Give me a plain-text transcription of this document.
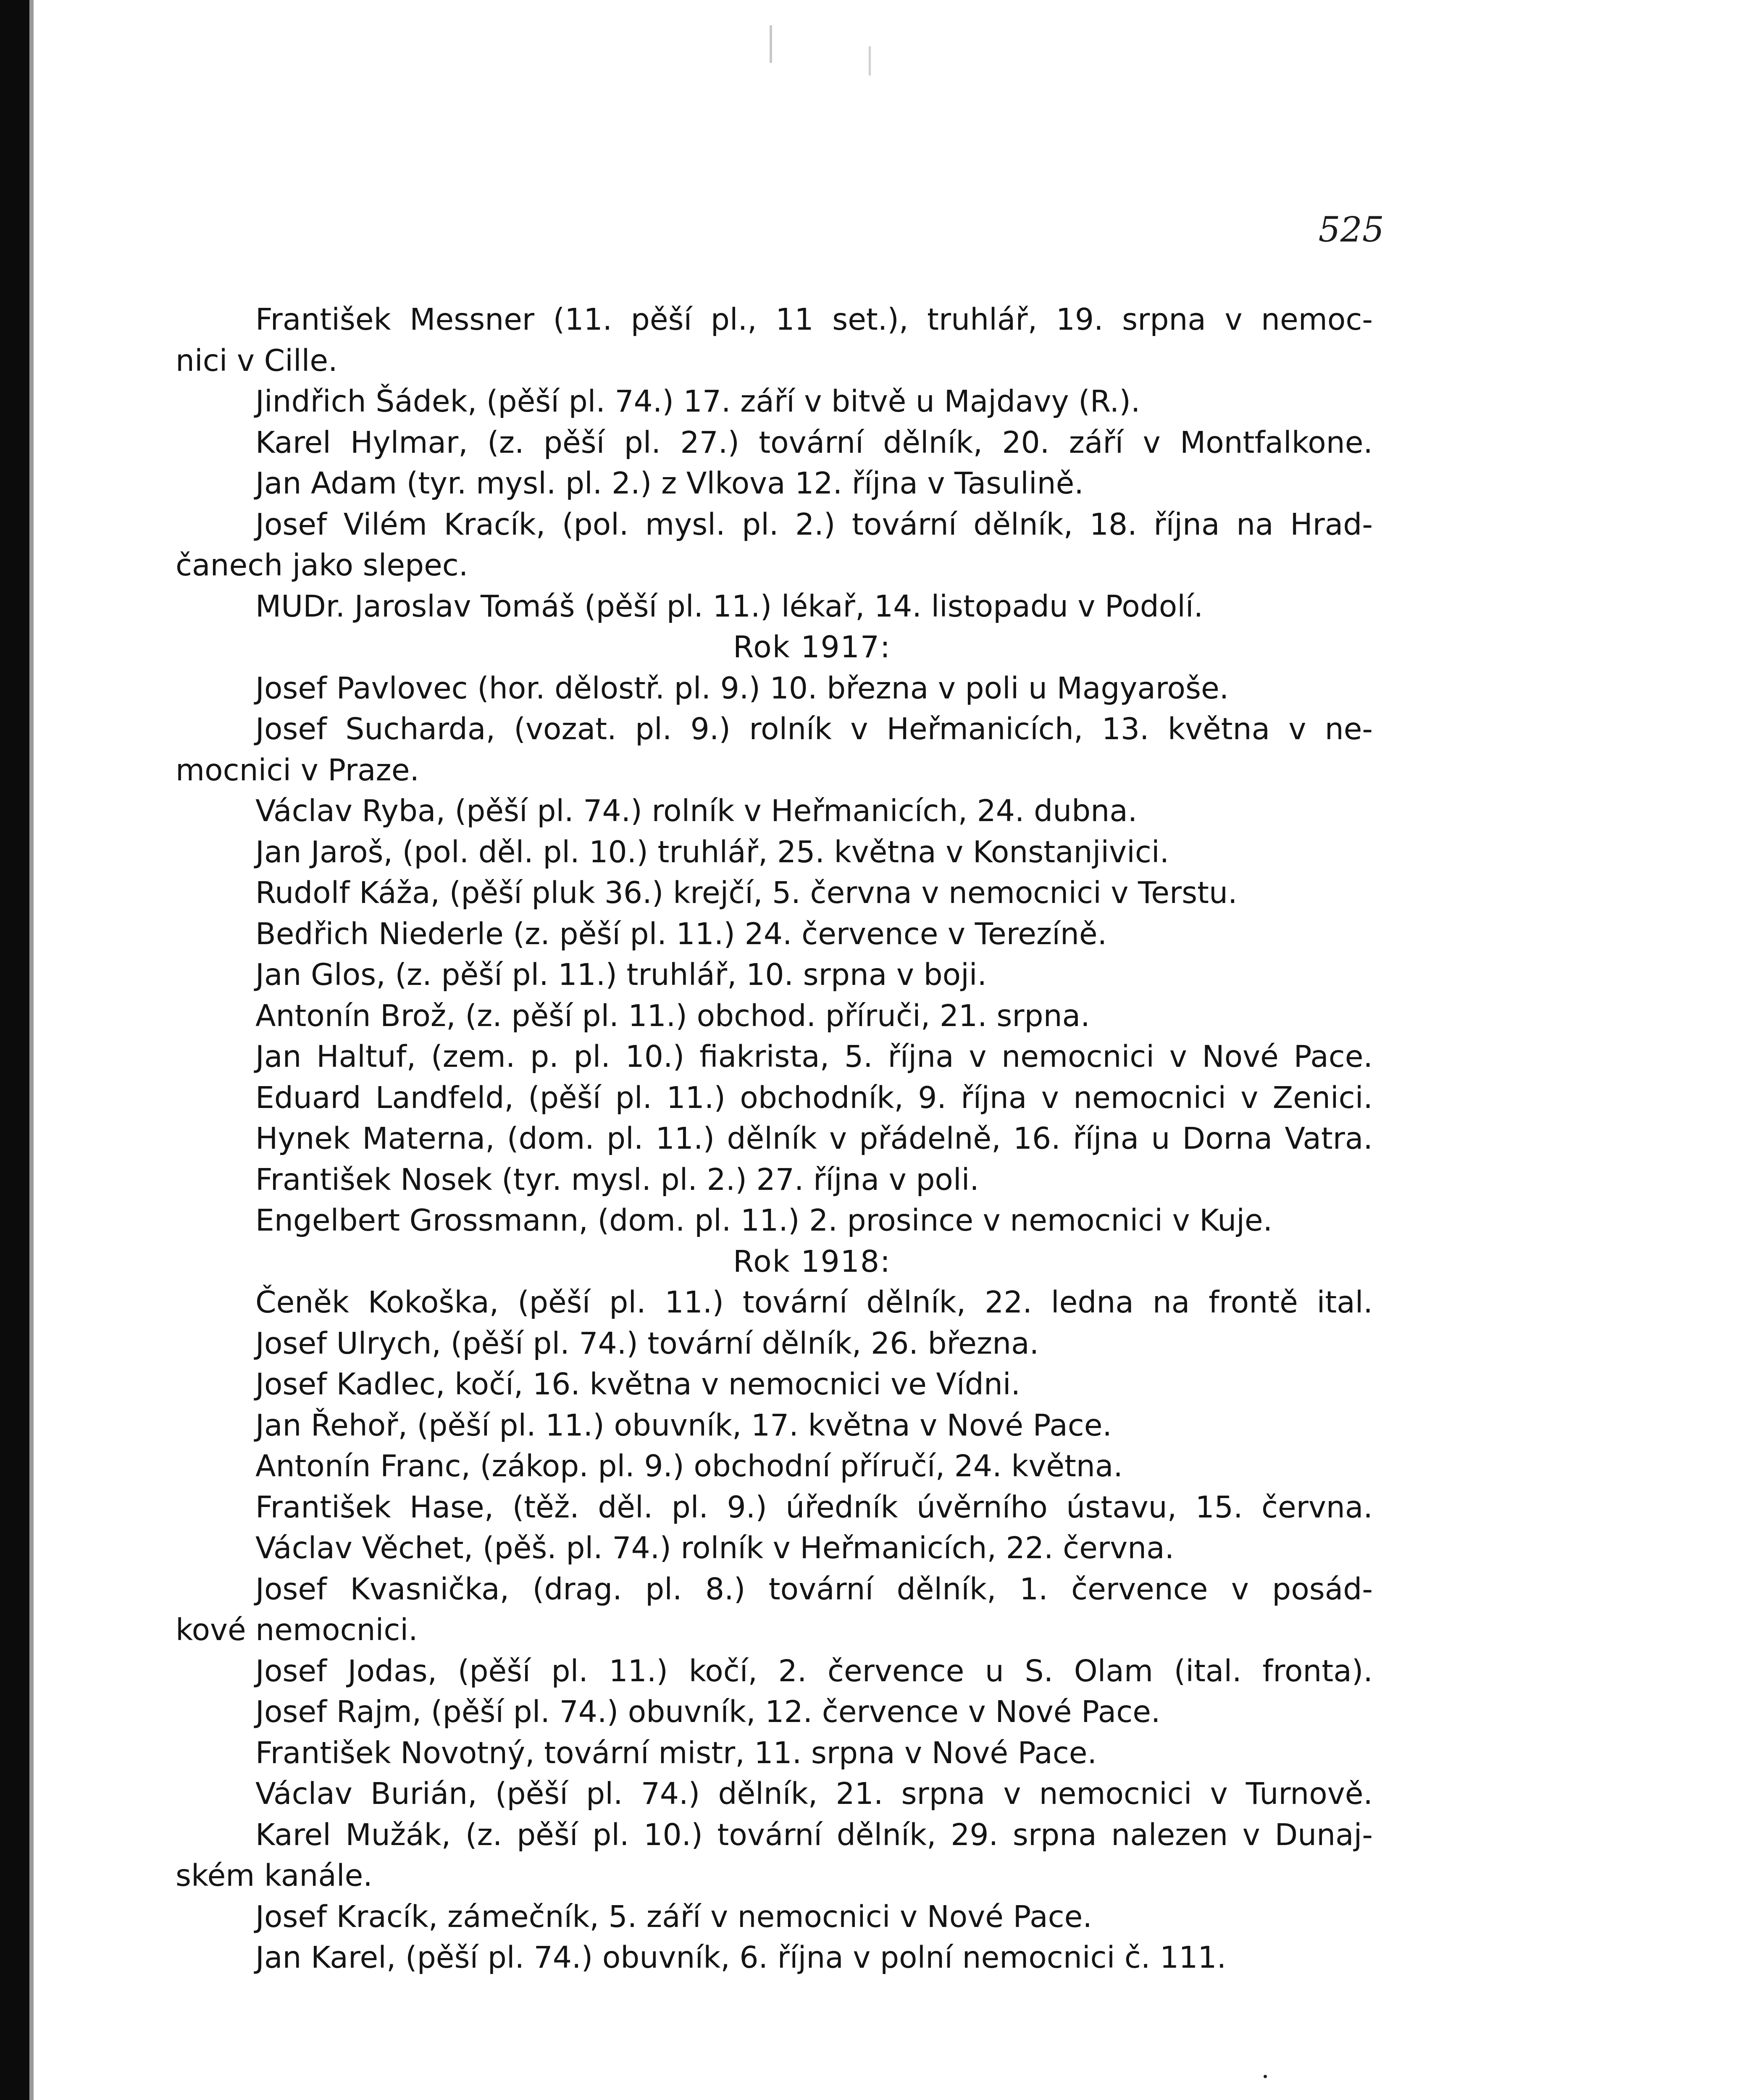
525
František Messner (11. pěší pl., 11 set.), truhlář, 19. srpna v nemoc-
nici v Cille.
Jindřich Šádek, (pěší pl. 74.) 17. září v bitvě u Majdavy (R.).
Karel Hylmar, (z. pěší pl. 27.) tovární dělník, 20. září v Montfalkone.
Jan Adam (tyr. mysl. pl. 2.) z Vlkova 12. října v Tasulině.
Josef Vilém Kracík, (pol. mysl. pl. 2.) tovární dělník, 18. října na Hrad-
čanech jako slepec.
MUDr. Jaroslav Tomáš (pěší pl. 11.) lékař, 14. listopadu v Podolí.
Rok 1917:
Josef Pavlovec (hor. dělostř. pl. 9.) 10. března v poli u Magyaroše.
Josef Sucharda, (vozat. pl. 9.) rolník v Heřmanicích, 13. května v ne-
mocnici v Praze.
Václav Ryba, (pěší pl. 74.) rolník v Heřmanicích, 24. dubna.
Jan Jaroš, (pol. děl. pl. 10.) truhlář, 25. května v Konstanjivici.
Rudolf Káža, (pěší pluk 36.) krejčí, 5. června v nemocnici v Terstu.
Bedřich Niederle (z. pěší pl. 11.) 24. července v Terezíně.
Jan Glos, (z. pěší pl. 11.) truhlář, 10. srpna v boji.
Antonín Brož, (z. pěší pl. 11.) obchod. příruči, 21. srpna.
Jan Haltuf, (zem. p. pl. 10.) fiakrista, 5. října v nemocnici v Nové Pace.
Eduard Landfeld, (pěší pl. 11.) obchodník, 9. října v nemocnici v Zenici.
Hynek Materna, (dom. pl. 11.) dělník v přádelně, 16. října u Dorna Vatra.
František Nosek (tyr. mysl. pl. 2.) 27. října v poli.
Engelbert Grossmann, (dom. pl. 11.) 2. prosince v nemocnici v Kuje.
Rok 1918:
Čeněk Kokoška, (pěší pl. 11.) tovární dělník, 22. ledna na frontě ital.
Josef Ulrych, (pěší pl. 74.) tovární dělník, 26. března.
Josef Kadlec, kočí, 16. května v nemocnici ve Vídni.
Jan Řehoř, (pěší pl. 11.) obuvník, 17. května v Nové Pace.
Antonín Franc, (zákop. pl. 9.) obchodní příručí, 24. května.
František Hase, (těž. děl. pl. 9.) úředník úvěrního ústavu, 15. června.
Václav Věchet, (pěš. pl. 74.) rolník v Heřmanicích, 22. června.
Josef Kvasnička, (drag. pl. 8.) tovární dělník, 1. července v posád-
kové nemocnici.
Josef Jodas, (pěší pl. 11.) kočí, 2. července u S. Olam (ital. fronta).
Josef Rajm, (pěší pl. 74.) obuvník, 12. července v Nové Pace.
František Novotný, tovární mistr, 11. srpna v Nové Pace.
Václav Burián, (pěší pl. 74.) dělník, 21. srpna v nemocnici v Turnově.
Karel Mužák, (z. pěší pl. 10.) tovární dělník, 29. srpna nalezen v Dunaj-
ském kanále.
Josef Kracík, zámečník, 5. září v nemocnici v Nové Pace.
Jan Karel, (pěší pl. 74.) obuvník, 6. října v polní nemocnici č. 111.
